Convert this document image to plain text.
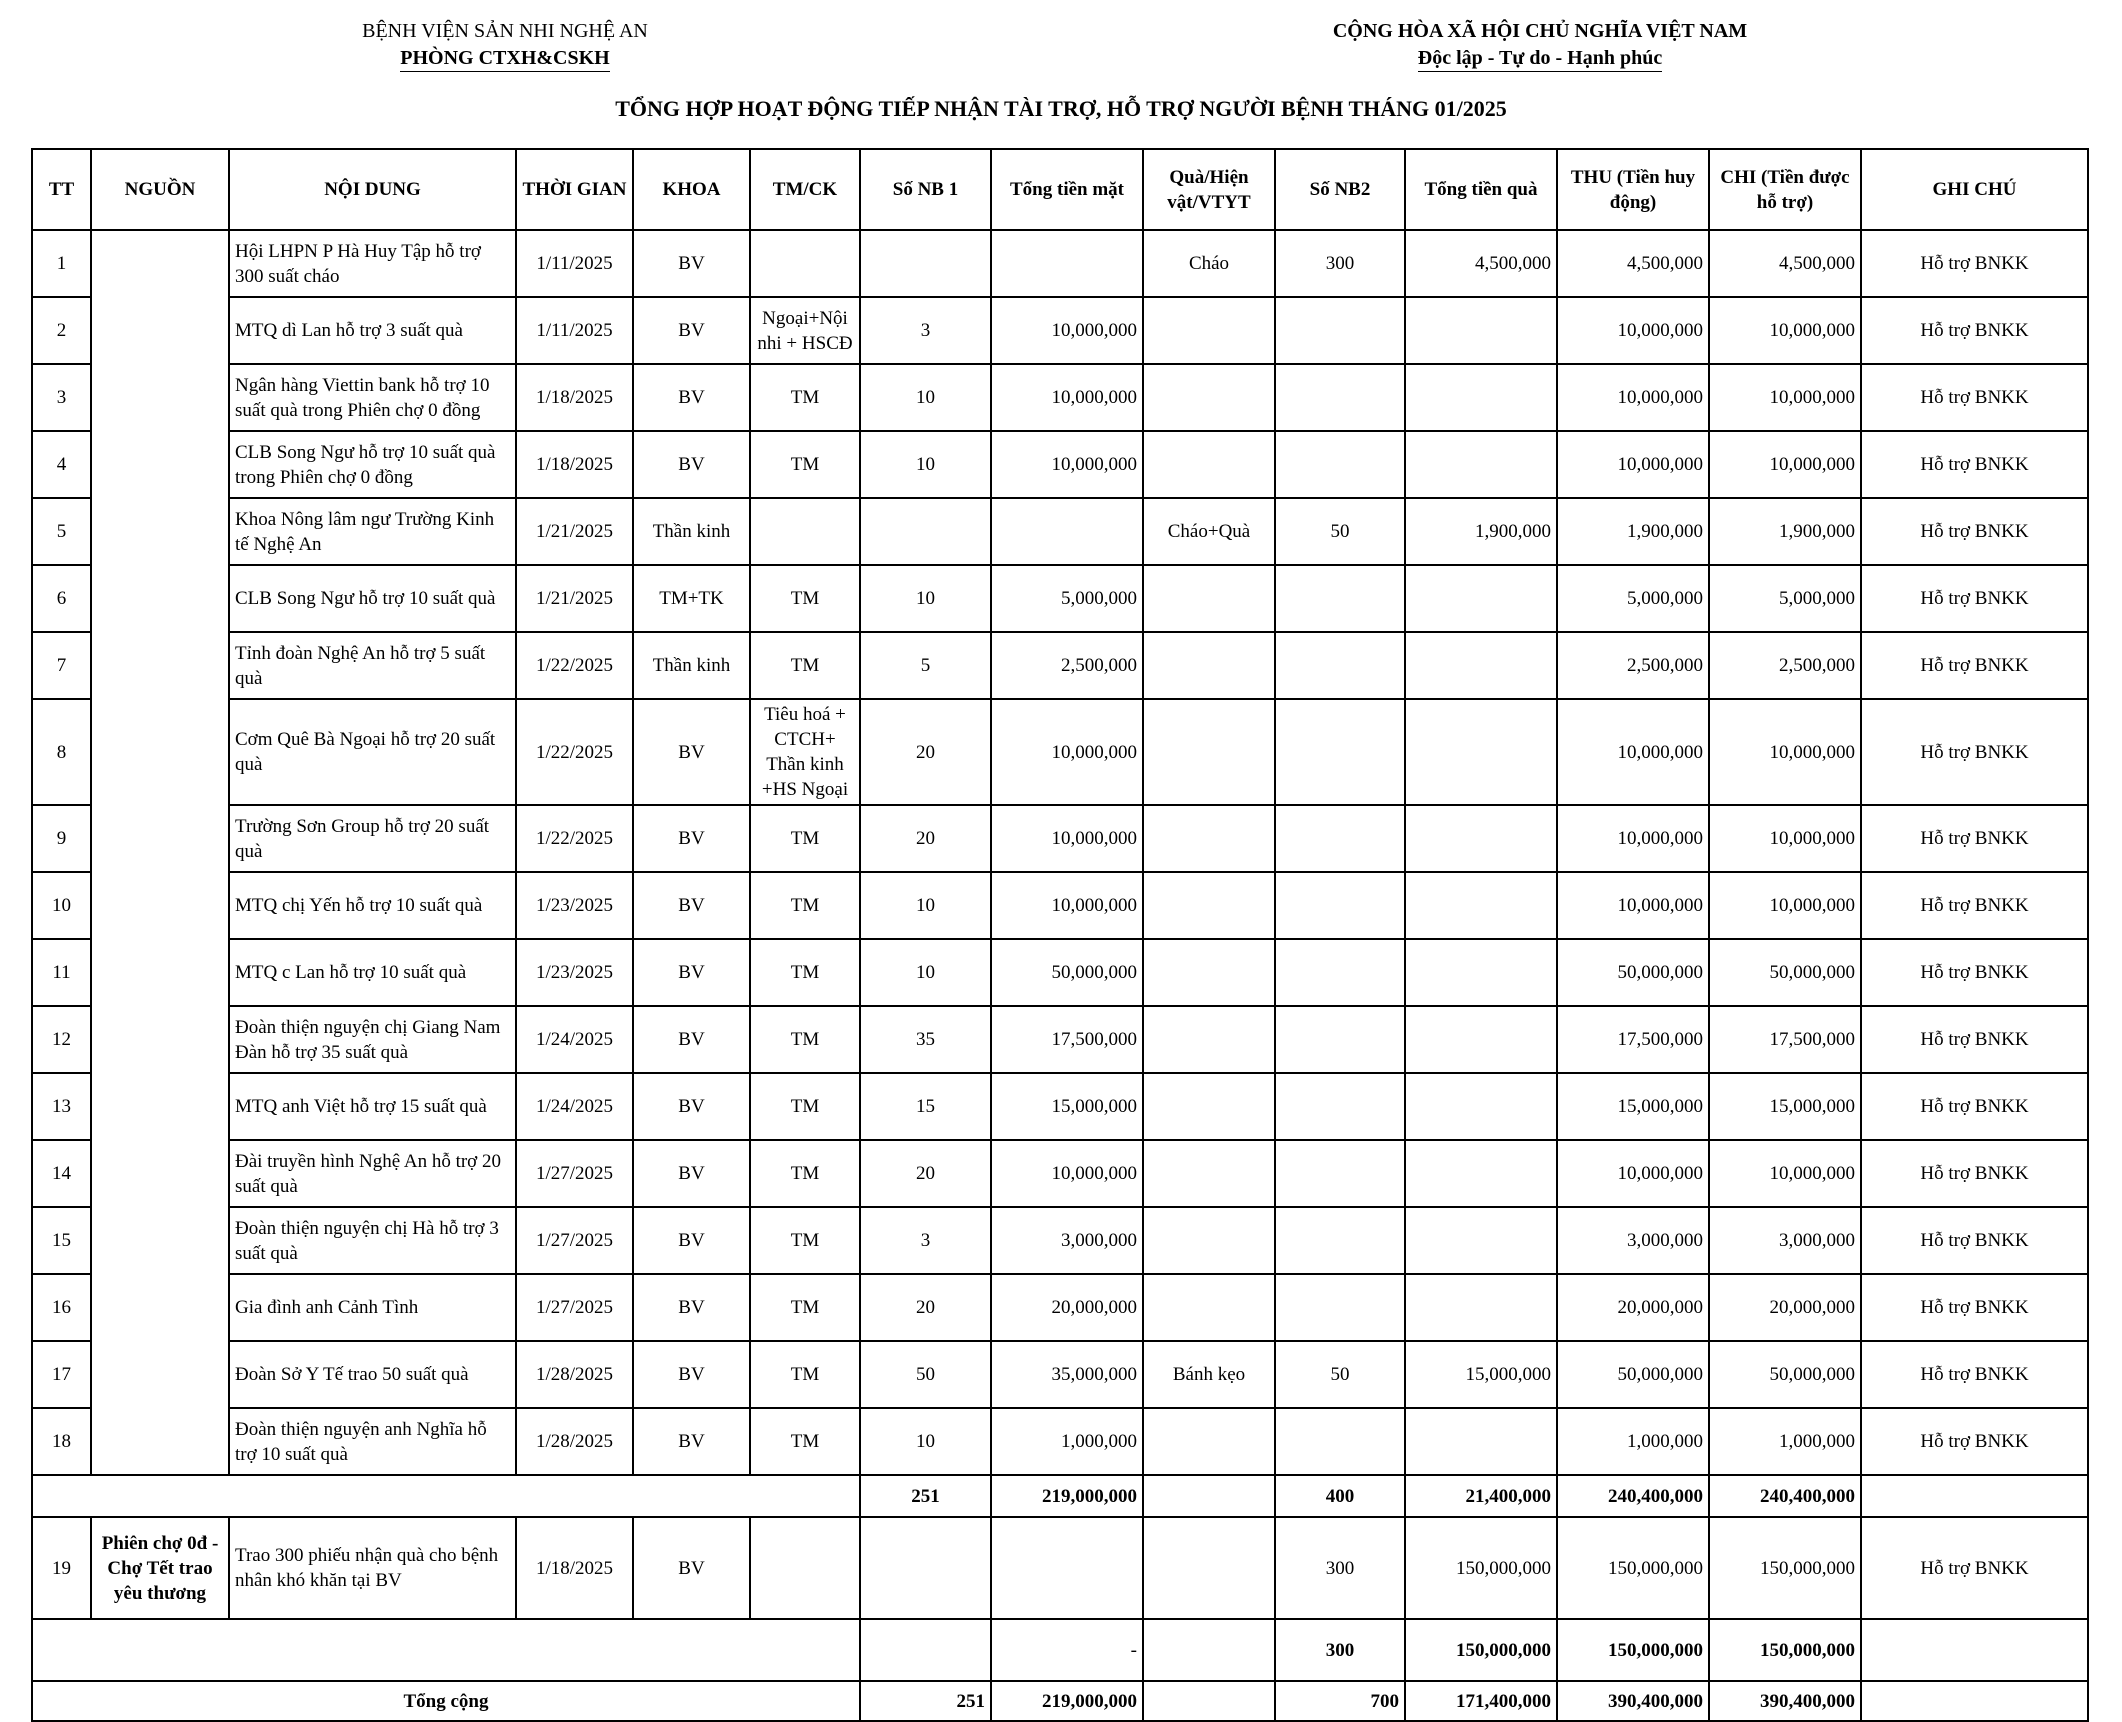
BỆNH VIỆN SẢN NHI NGHỆ AN
PHÒNG CTXH&CSKH
CỘNG HÒA XÃ HỘI CHỦ NGHĨA VIỆT NAM
Độc lập - Tự do - Hạnh phúc
TỔNG HỢP HOẠT ĐỘNG TIẾP NHẬN TÀI TRỢ, HỖ TRỢ NGƯỜI BỆNH THÁNG 01/2025
TT	NGUỒN	NỘI DUNG	THỜI GIAN	KHOA	TM/CK	Số NB 1	Tổng tiền mặt	Quà/Hiện vật/VTYT	Số NB2	Tổng tiền quà	THU (Tiền huy động)	CHI (Tiền được hỗ trợ)	GHI CHÚ
1		Hội LHPN P Hà Huy Tập hỗ trợ 300 suất cháo	1/11/2025	BV				Cháo	300	4,500,000	4,500,000	4,500,000	Hỗ trợ BNKK
2		MTQ dì Lan hỗ trợ 3 suất quà	1/11/2025	BV	Ngoại+Nội nhi + HSCĐ	3	10,000,000				10,000,000	10,000,000	Hỗ trợ BNKK
3		Ngân hàng Viettin bank hỗ trợ 10 suất quà trong Phiên chợ 0 đồng	1/18/2025	BV	TM	10	10,000,000				10,000,000	10,000,000	Hỗ trợ BNKK
4		CLB Song Ngư hỗ trợ 10 suất quà trong Phiên chợ 0 đồng	1/18/2025	BV	TM	10	10,000,000				10,000,000	10,000,000	Hỗ trợ BNKK
5		Khoa Nông lâm ngư Trường Kinh tế Nghệ An	1/21/2025	Thần kinh				Cháo+Quà	50	1,900,000	1,900,000	1,900,000	Hỗ trợ BNKK
6		CLB Song Ngư hỗ trợ 10 suất quà	1/21/2025	TM+TK	TM	10	5,000,000				5,000,000	5,000,000	Hỗ trợ BNKK
7		Tỉnh đoàn Nghệ An hỗ trợ 5 suất quà	1/22/2025	Thần kinh	TM	5	2,500,000				2,500,000	2,500,000	Hỗ trợ BNKK
8		Cơm Quê Bà Ngoại hỗ trợ 20 suất quà	1/22/2025	BV	Tiêu hoá + CTCH+ Thần kinh +HS Ngoại	20	10,000,000				10,000,000	10,000,000	Hỗ trợ BNKK
9		Trường Sơn Group hỗ trợ 20 suất quà	1/22/2025	BV	TM	20	10,000,000				10,000,000	10,000,000	Hỗ trợ BNKK
10		MTQ chị Yến hỗ trợ 10 suất quà	1/23/2025	BV	TM	10	10,000,000				10,000,000	10,000,000	Hỗ trợ BNKK
11		MTQ c Lan hỗ trợ 10 suất quà	1/23/2025	BV	TM	10	50,000,000				50,000,000	50,000,000	Hỗ trợ BNKK
12		Đoàn thiện nguyện chị Giang Nam Đàn hỗ trợ 35 suất quà	1/24/2025	BV	TM	35	17,500,000				17,500,000	17,500,000	Hỗ trợ BNKK
13		MTQ anh Việt hỗ trợ 15 suất quà	1/24/2025	BV	TM	15	15,000,000				15,000,000	15,000,000	Hỗ trợ BNKK
14		Đài truyền hình Nghệ An hỗ trợ 20 suất quà	1/27/2025	BV	TM	20	10,000,000				10,000,000	10,000,000	Hỗ trợ BNKK
15		Đoàn thiện nguyện chị Hà hỗ trợ 3 suất quà	1/27/2025	BV	TM	3	3,000,000				3,000,000	3,000,000	Hỗ trợ BNKK
16		Gia đình anh Cảnh Tình	1/27/2025	BV	TM	20	20,000,000				20,000,000	20,000,000	Hỗ trợ BNKK
17		Đoàn Sở Y Tế trao 50 suất quà	1/28/2025	BV	TM	50	35,000,000	Bánh kẹo	50	15,000,000	50,000,000	50,000,000	Hỗ trợ BNKK
18		Đoàn thiện nguyện anh Nghĩa hỗ trợ 10 suất quà	1/28/2025	BV	TM	10	1,000,000				1,000,000	1,000,000	Hỗ trợ BNKK
						251	219,000,000		400	21,400,000	240,400,000	240,400,000	
19	Phiên chợ 0đ - Chợ Tết trao yêu thương	Trao 300 phiếu nhận quà cho bệnh nhân khó khăn tại BV	1/18/2025	BV					300	150,000,000	150,000,000	150,000,000	Hỗ trợ BNKK
							-		300	150,000,000	150,000,000	150,000,000	
Tổng cộng						251	219,000,000		700	171,400,000	390,400,000	390,400,000	
